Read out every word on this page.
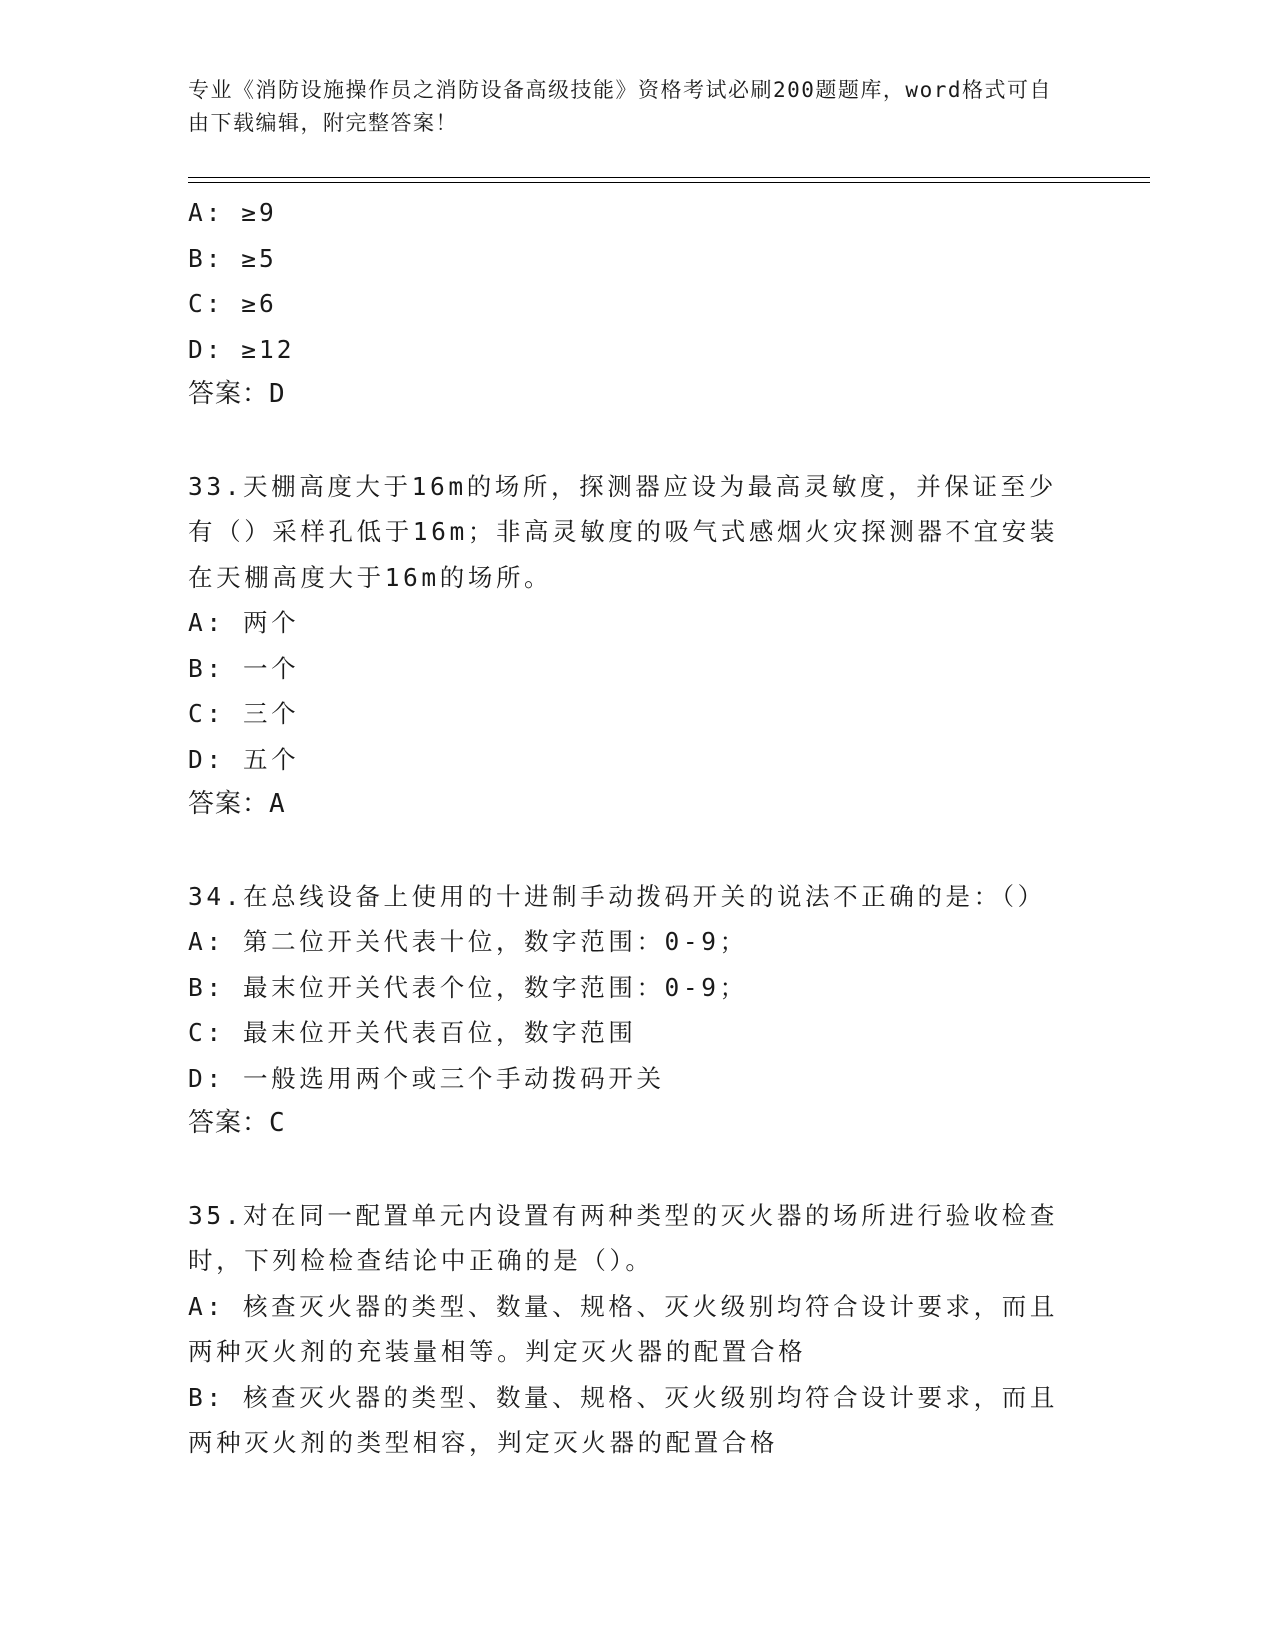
专业《消防设施操作员之消防设备高级技能》资格考试必刷200题题库，word格式可自由下载编辑，附完整答案！

A: ≥9

B: ≥5

C: ≥6

D: ≥12

答案：D

33.天棚高度大于16m的场所，探测器应设为最高灵敏度，并保证至少

有（）采样孔低于16m；非高灵敏度的吸气式感烟火灾探测器不宜安装

在天棚高度大于16m的场所。

A: 两个

B: 一个

C: 三个

D: 五个

答案：A

34.在总线设备上使用的十进制手动拨码开关的说法不正确的是：（）

A: 第二位开关代表十位，数字范围：0-9；

B: 最末位开关代表个位，数字范围：0-9；

C: 最末位开关代表百位，数字范围

D: 一般选用两个或三个手动拨码开关

答案：C

35.对在同一配置单元内设置有两种类型的灭火器的场所进行验收检查

时，下列检检查结论中正确的是（）。

A: 核查灭火器的类型、数量、规格、灭火级别均符合设计要求，而且

两种灭火剂的充装量相等。判定灭火器的配置合格

B: 核查灭火器的类型、数量、规格、灭火级别均符合设计要求，而且

两种灭火剂的类型相容，判定灭火器的配置合格
